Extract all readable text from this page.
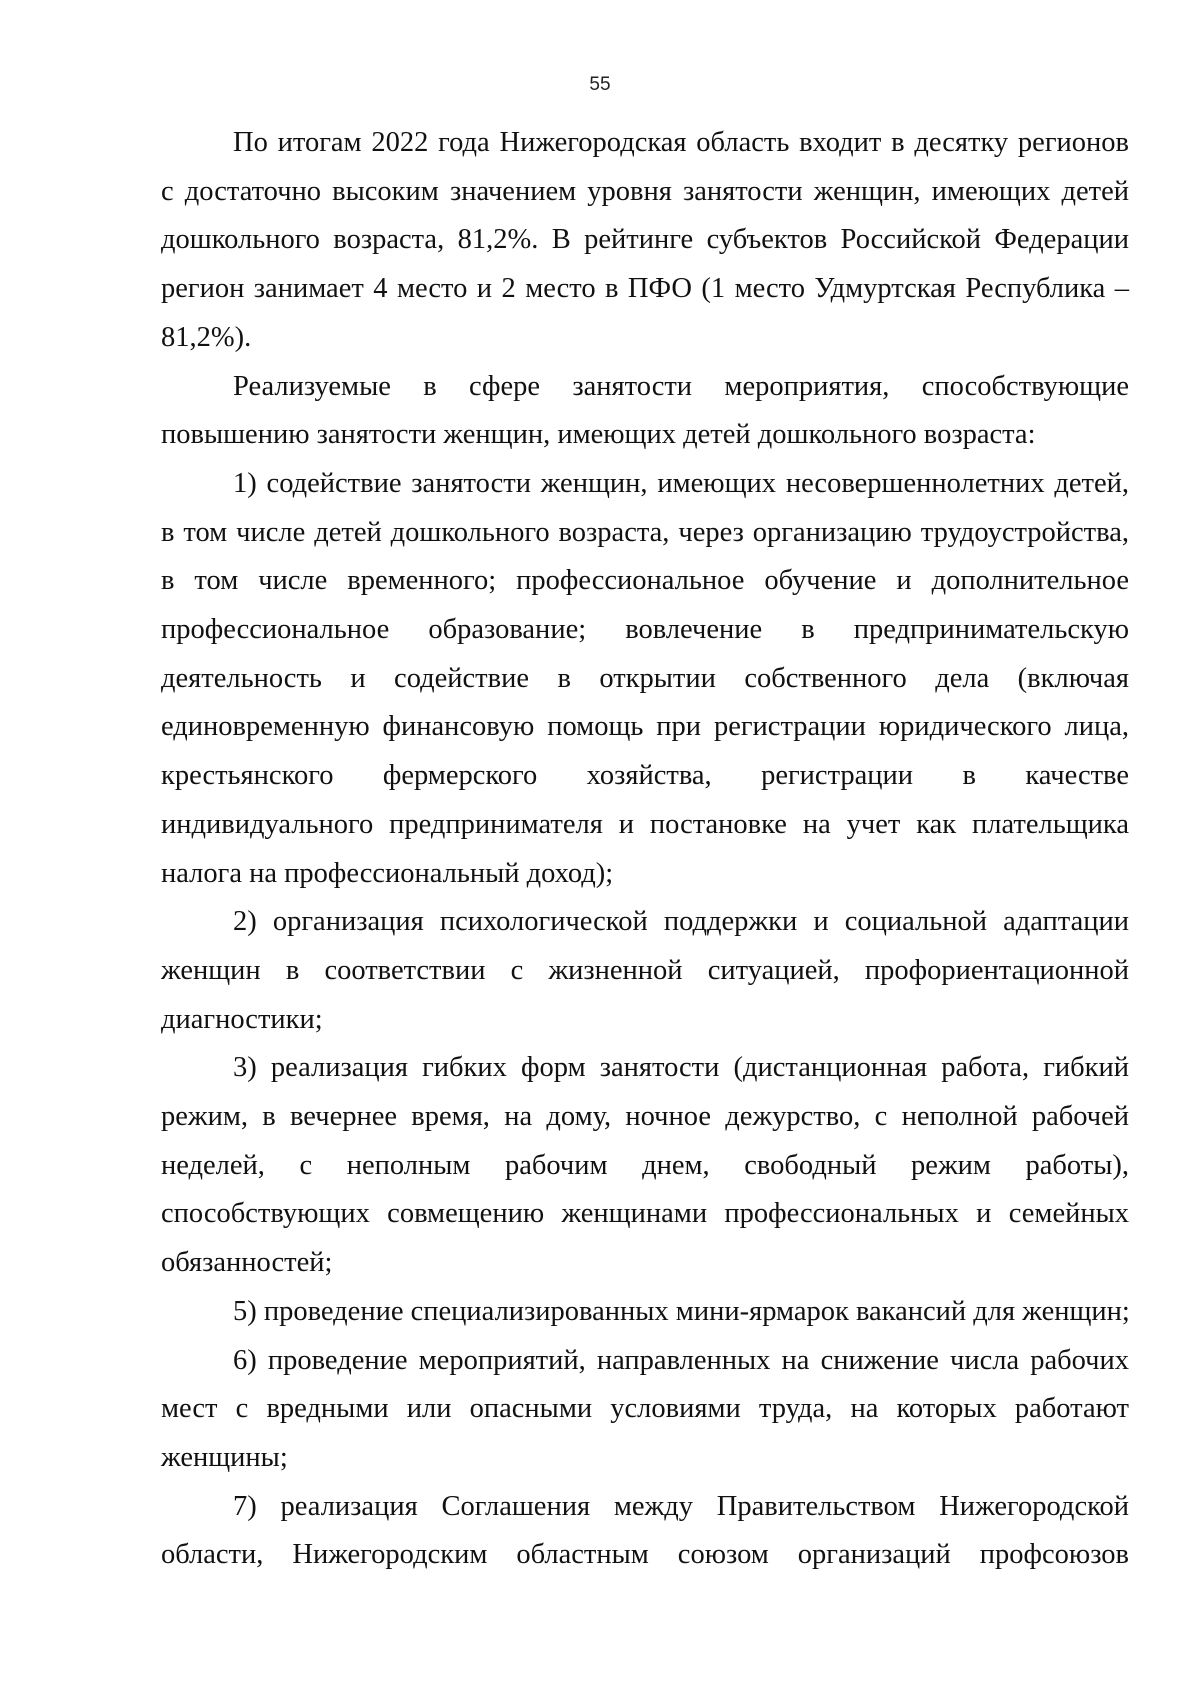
55

По итогам 2022 года Нижегородская область входит в десятку регионов
с достаточно высоким значением уровня занятости женщин, имеющих детей
дошкольного возраста, 81,2%. В рейтинге субъектов Российской Федерации
регион занимает 4 место и 2 место в ПФО (1 место Удмуртская Республика –
81,2%).

Реализуемые в сфере занятости мероприятия, способствующие
повышению занятости женщин, имеющих детей дошкольного возраста:

1) содействие занятости женщин, имеющих несовершеннолетних детей,
в том числе детей дошкольного возраста, через организацию трудоустройства,
в том числе временного; профессиональное обучение и дополнительное
профессиональное образование; вовлечение в предпринимательскую
деятельность и содействие в открытии собственного дела (включая
единовременную финансовую помощь при регистрации юридического лица,
крестьянского фермерского хозяйства, регистрации в качестве
индивидуального предпринимателя и постановке на учет как плательщика
налога на профессиональный доход);

2) организация психологической поддержки и социальной адаптации
женщин в соответствии с жизненной ситуацией, профориентационной
диагностики;

3) реализация гибких форм занятости (дистанционная работа, гибкий
режим, в вечернее время, на дому, ночное дежурство, с неполной рабочей
неделей, с неполным рабочим днем, свободный режим работы),
способствующих совмещению женщинами профессиональных и семейных
обязанностей;

5) проведение специализированных мини-ярмарок вакансий для женщин;

6) проведение мероприятий, направленных на снижение числа рабочих
мест с вредными или опасными условиями труда, на которых работают
женщины;

7) реализация Соглашения между Правительством Нижегородской
области, Нижегородским областным союзом организаций профсоюзов
